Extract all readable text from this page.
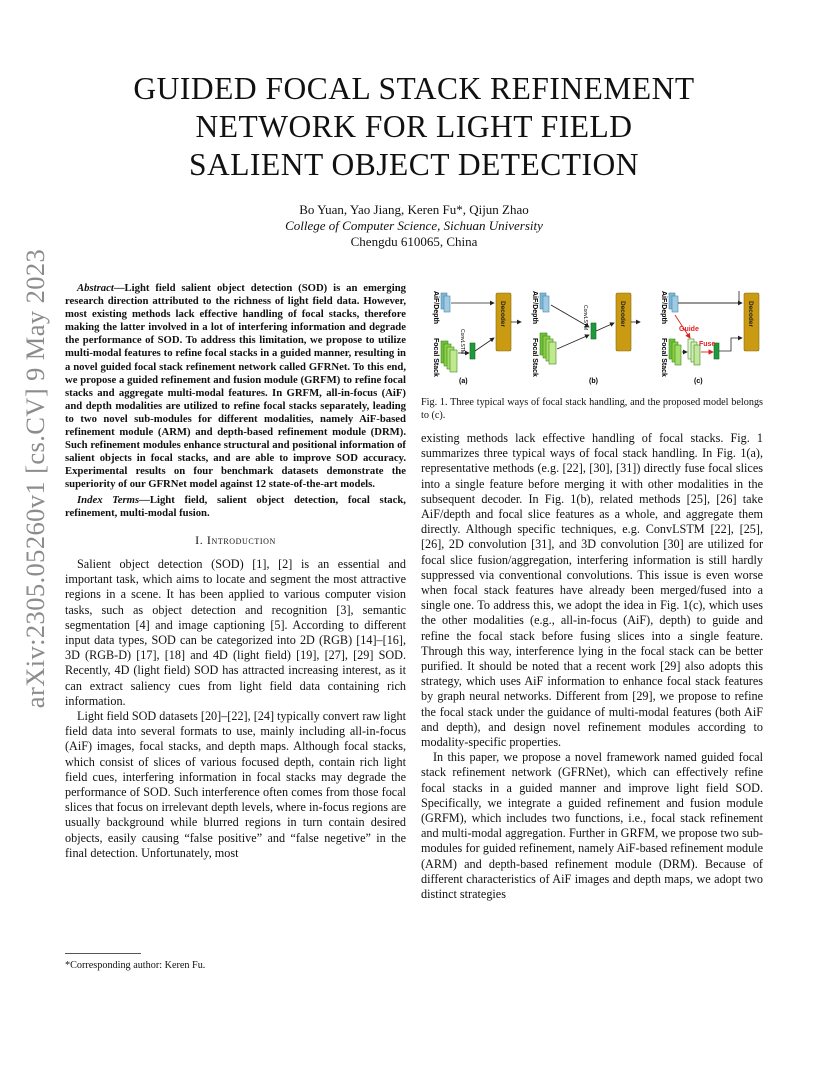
arXiv:2305.05260v1 [cs.CV] 9 May 2023
GUIDED FOCAL STACK REFINEMENT
NETWORK FOR LIGHT FIELD
SALIENT OBJECT DETECTION
Bo Yuan, Yao Jiang, Keren Fu*, Qijun Zhao
College of Computer Science, Sichuan University
Chengdu 610065, China

Abstract—Light field salient object detection (SOD) is an emerging research direction attributed to the richness of light field data. However, most existing methods lack effective handling of focal stacks, therefore making the latter involved in a lot of interfering information and degrade the performance of SOD. To address this limitation, we propose to utilize multi-modal features to refine focal stacks in a guided manner, resulting in a novel guided focal stack refinement network called GFRNet. To this end, we propose a guided refinement and fusion module (GRFM) to refine focal stacks and aggregate multi-modal features. In GRFM, all-in-focus (AiF) and depth modalities are utilized to refine focal stacks separately, leading to two novel sub-modules for different modalities, namely AiF-based refinement module (ARM) and depth-based refinement module (DRM). Such refinement modules enhance structural and positional information of salient objects in focal stacks, and are able to improve SOD accuracy. Experimental results on four benchmark datasets demonstrate the superiority of our GFRNet model against 12 state-of-the-art models.

Index Terms—Light field, salient object detection, focal stack, refinement, multi-modal fusion.

I. Introduction

Salient object detection (SOD) [1], [2] is an essential and important task, which aims to locate and segment the most attractive regions in a scene. It has been applied to various computer vision tasks, such as object detection and recognition [3], semantic segmentation [4] and image captioning [5]. According to different input data types, SOD can be categorized into 2D (RGB) [14]–[16], 3D (RGB-D) [17], [18] and 4D (light field) [19], [27], [29] SOD. Recently, 4D (light field) SOD has attracted increasing interest, as it can extract saliency cues from light field data containing rich information.

Light field SOD datasets [20]–[22], [24] typically convert raw light field data into several formats to use, mainly including all-in-focus (AiF) images, focal stacks, and depth maps. Although focal stacks, which consist of slices of various focused depth, contain rich light field cues, interfering information in focal stacks may degrade the performance of SOD. Such interference often comes from those focal slices that focus on irrelevant depth levels, where in-focus regions are usually background while blurred regions in turn contain desired objects, easily causing “false positive” and “false negetive” in the final detection. Unfortunately, most

*Corresponding author: Keren Fu.
AiF/Depth
Focal Stack	ConvLSTM
Decoder
(a)
AiF/Depth
Focal Stack
ConvLSTM	Decoder
(b)
AiF/Depth
Focal Stack
Guide
Fuse
Decoder
(c)

Fig. 1. Three typical ways of focal stack handling, and the proposed model belongs to (c).

existing methods lack effective handling of focal stacks. Fig. 1 summarizes three typical ways of focal stack handling. In Fig. 1(a), representative methods (e.g. [22], [30], [31]) directly fuse focal slices into a single feature before merging it with other modalities in the subsequent decoder. In Fig. 1(b), related methods [25], [26] take AiF/depth and focal slice features as a whole, and aggregate them directly. Although specific techniques, e.g. ConvLSTM [22], [25], [26], 2D convolution [31], and 3D convolution [30] are utilized for focal slice fusion/aggregation, interfering information is still hardly suppressed via conventional convolutions. This issue is even worse when focal stack features have already been merged/fused into a single one. To address this, we adopt the idea in Fig. 1(c), which uses the other modalities (e.g., all-in-focus (AiF), depth) to guide and refine the focal stack before fusing slices into a single feature. Through this way, interference lying in the focal stack can be better purified. It should be noted that a recent work [29] also adopts this strategy, which uses AiF information to enhance focal stack features by graph neural networks. Different from [29], we propose to refine the focal stack under the guidance of multi-modal features (both AiF and depth), and design novel refinement modules according to modality-specific properties.

In this paper, we propose a novel framework named guided focal stack refinement network (GFRNet), which can effectively refine focal stacks in a guided manner and improve light field SOD. Specifically, we integrate a guided refinement and fusion module (GRFM), which includes two functions, i.e., focal stack refinement and multi-modal aggregation. Further in GRFM, we propose two sub-modules for guided refinement, namely AiF-based refinement module (ARM) and depth-based refinement module (DRM). Because of different characteristics of AiF images and depth maps, we adopt two distinct strategies
